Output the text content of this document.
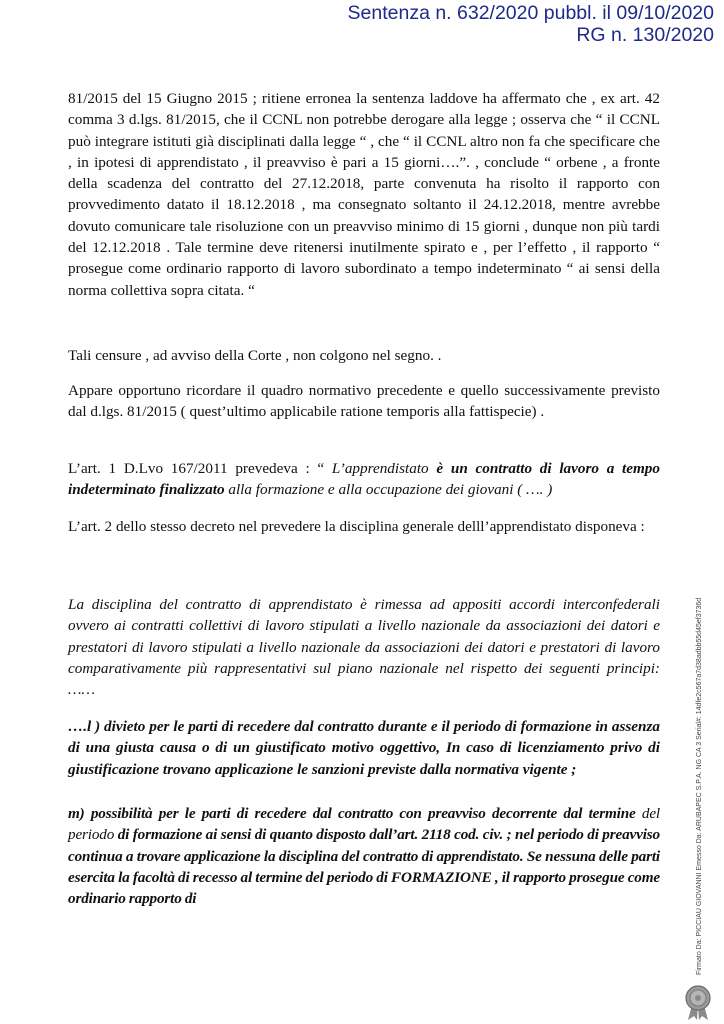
Sentenza n. 632/2020 pubbl. il 09/10/2020
RG n. 130/2020

81/2015 del 15 Giugno 2015 ; ritiene erronea la sentenza laddove ha affermato che , ex art. 42 comma 3 d.lgs. 81/2015, che il CCNL non potrebbe derogare alla legge ; osserva che “ il CCNL può integrare istituti già disciplinati dalla legge “ , che “ il CCNL altro non fa che specificare che , in ipotesi di apprendistato , il preavviso è pari a 15 giorni….”. , conclude “ orbene , a fronte della scadenza del contratto del 27.12.2018, parte convenuta ha risolto il rapporto con provvedimento datato il 18.12.2018 , ma consegnato soltanto il 24.12.2018, mentre avrebbe dovuto comunicare tale risoluzione con un preavviso minimo di 15 giorni , dunque non più tardi del 12.12.2018 . Tale termine deve ritenersi inutilmente spirato e , per l’effetto , il rapporto “ prosegue come ordinario rapporto di lavoro subordinato a tempo indeterminato “ ai sensi della norma collettiva sopra citata. “

Tali censure , ad avviso della Corte , non colgono nel segno. .

Appare opportuno ricordare il quadro normativo precedente e quello successivamente previsto dal d.lgs. 81/2015 ( quest’ultimo applicabile ratione temporis alla fattispecie) .

L’art. 1 D.Lvo 167/2011 prevedeva : “ L’apprendistato è un contratto di lavoro a tempo indeterminato finalizzato alla formazione e alla occupazione dei giovani ( …. )

L’art. 2 dello stesso decreto nel prevedere la disciplina generale delll’apprendistato disponeva :

La disciplina del contratto di apprendistato è rimessa ad appositi accordi interconfederali ovvero ai contratti collettivi di lavoro stipulati a livello nazionale da associazioni dei datori e prestatori di lavoro stipulati a livello nazionale da associazioni dei datori e prestatori di lavoro comparativamente più rappresentativi sul piano nazionale nel rispetto dei seguenti principi: ……

….l ) divieto per le parti di recedere dal contratto durante e il periodo di formazione in assenza di una giusta causa o di un giustificato motivo oggettivo, In caso di licenziamento privo di giustificazione trovano applicazione le sanzioni previste dalla normativa vigente ;

m) possibilità per le parti di recedere dal contratto con preavviso decorrente dal termine del periodo di formazione ai sensi di quanto disposto dall’art. 2118 cod. civ. ; nel periodo di preavviso continua a trovare applicazione la disciplina del contratto di apprendistato. Se nessuna delle parti esercita la facoltà di recesso al termine del periodo di FORMAZIONE , il rapporto prosegue come ordinario rapporto di	Firmato Da: PICCIAU GIOVANNI Emesso Da: ARUBAPEC S.P.A. NG CA 3 Serial#: 14dfe2c567a7d38adbb55d45ef3736d
